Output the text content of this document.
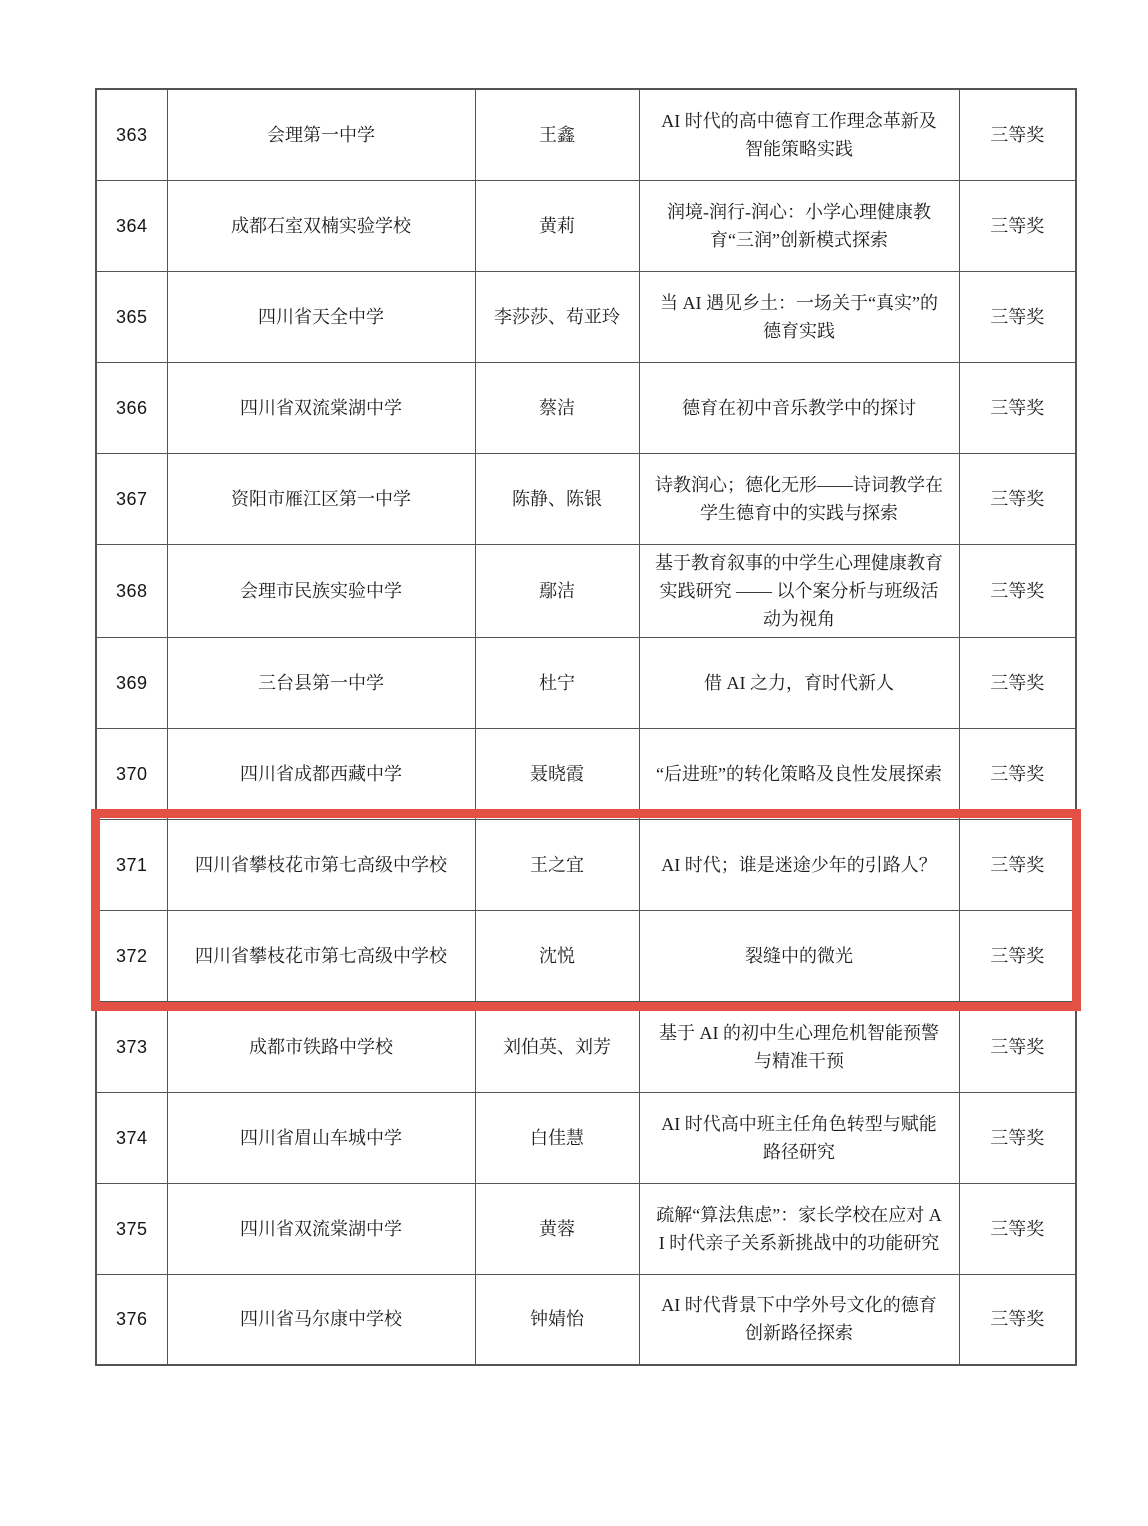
363	会理第一中学	王鑫	AI 时代的高中德育工作理念革新及智能策略实践	三等奖
364	成都石室双楠实验学校	黄莉	润境-润行-润心：小学心理健康教育“三润”创新模式探索	三等奖
365	四川省天全中学	李莎莎、苟亚玲	当 AI 遇见乡土：一场关于“真实”的德育实践	三等奖
366	四川省双流棠湖中学	蔡洁	德育在初中音乐教学中的探讨	三等奖
367	资阳市雁江区第一中学	陈静、陈银	诗教润心；德化无形——诗词教学在学生德育中的实践与探索	三等奖
368	会理市民族实验中学	鄢洁	基于教育叙事的中学生心理健康教育实践研究 —— 以个案分析与班级活动为视角	三等奖
369	三台县第一中学	杜宁	借 AI 之力，育时代新人	三等奖
370	四川省成都西藏中学	聂晓霞	“后进班”的转化策略及良性发展探索	三等奖
371	四川省攀枝花市第七高级中学校	王之宜	AI 时代；谁是迷途少年的引路人？	三等奖
372	四川省攀枝花市第七高级中学校	沈悦	裂缝中的微光	三等奖
373	成都市铁路中学校	刘伯英、刘芳	基于 AI 的初中生心理危机智能预警与精准干预	三等奖
374	四川省眉山车城中学	白佳慧	AI 时代高中班主任角色转型与赋能路径研究	三等奖
375	四川省双流棠湖中学	黄蓉	疏解“算法焦虑”：家长学校在应对 AI 时代亲子关系新挑战中的功能研究	三等奖
376	四川省马尔康中学校	钟婧怡	AI 时代背景下中学外号文化的德育创新路径探索	三等奖
